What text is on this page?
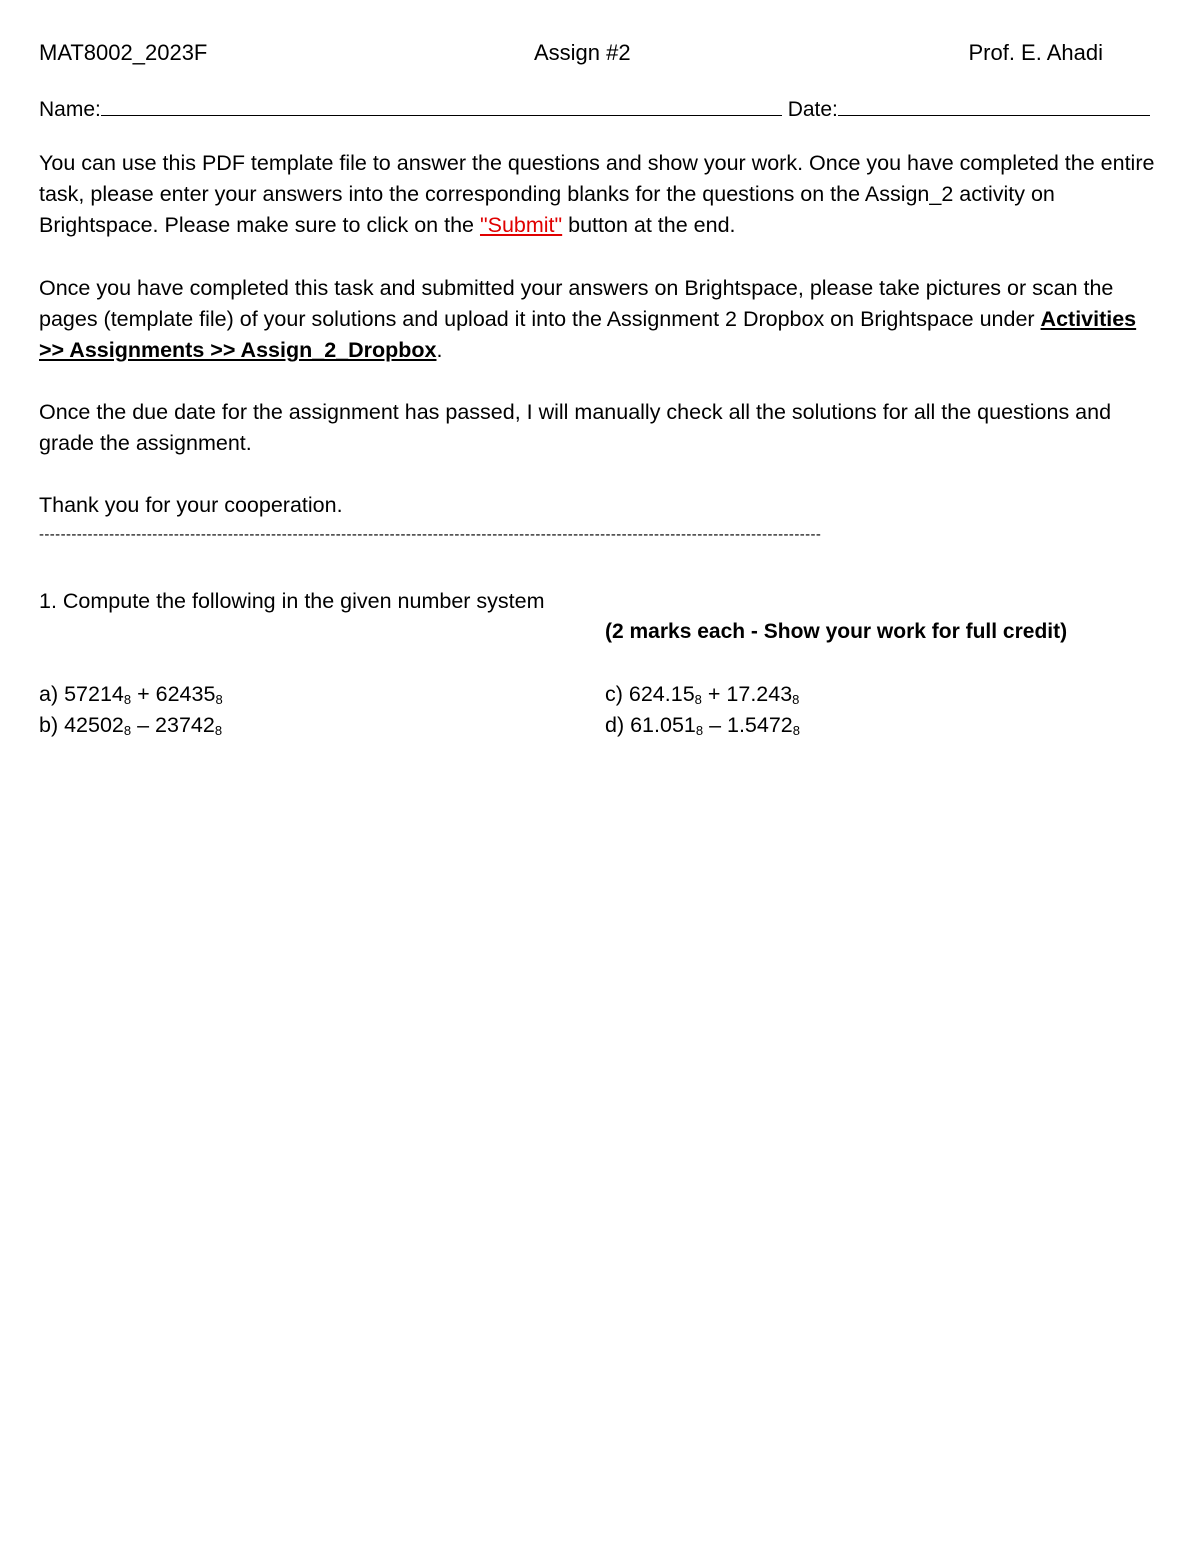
MAT8002_2023F	Assign #2	Prof. E. Ahadi
Name:	Date:

You can use this PDF template file to answer the questions and show your work. Once you have completed the entire task, please enter your answers into the corresponding blanks for the questions on the Assign_2 activity on Brightspace. Please make sure to click on the "Submit" button at the end.

Once you have completed this task and submitted your answers on Brightspace, please take pictures or scan the pages (template file) of your solutions and upload it into the Assignment 2 Dropbox on Brightspace under Activities >> Assignments >> Assign_2_Dropbox.

Once the due date for the assignment has passed, I will manually check all the solutions for all the questions and grade the assignment.

Thank you for your cooperation.

-------------------------------------------------------------------------------------------------------------------------------------------------
1. Compute the following in the given number system
(2 marks each - Show your work for full credit)
a) $57214_8 + 62435_8$
b) $42502_8 - 23742_8$
c) $624.15_8 + 17.243_8$
d) $61.051_8 - 1.5472_8$
